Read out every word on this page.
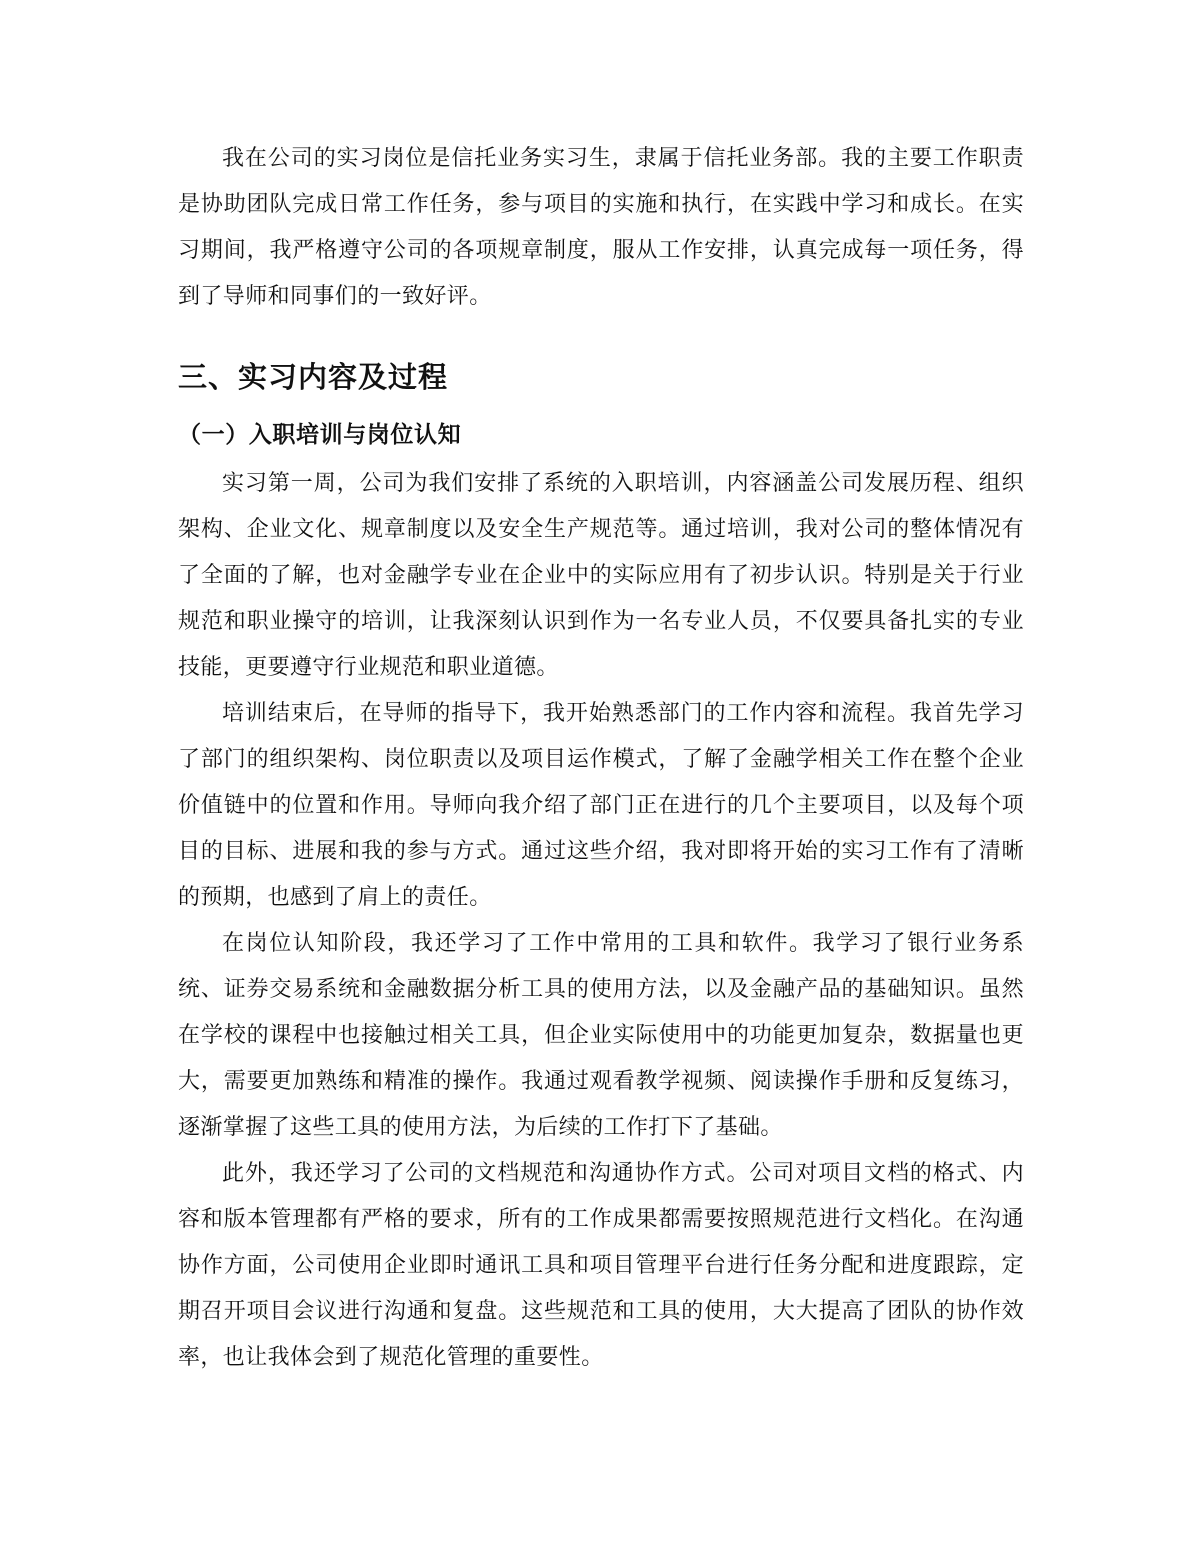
我在公司的实习岗位是信托业务实习生，隶属于信托业务部。我的主要工作职责是协助团队完成日常工作任务，参与项目的实施和执行，在实践中学习和成长。在实习期间，我严格遵守公司的各项规章制度，服从工作安排，认真完成每一项任务，得到了导师和同事们的一致好评。

三、实习内容及过程
（一）入职培训与岗位认知

实习第一周，公司为我们安排了系统的入职培训，内容涵盖公司发展历程、组织架构、企业文化、规章制度以及安全生产规范等。通过培训，我对公司的整体情况有了全面的了解，也对金融学专业在企业中的实际应用有了初步认识。特别是关于行业规范和职业操守的培训，让我深刻认识到作为一名专业人员，不仅要具备扎实的专业技能，更要遵守行业规范和职业道德。

培训结束后，在导师的指导下，我开始熟悉部门的工作内容和流程。我首先学习了部门的组织架构、岗位职责以及项目运作模式，了解了金融学相关工作在整个企业价值链中的位置和作用。导师向我介绍了部门正在进行的几个主要项目，以及每个项目的目标、进展和我的参与方式。通过这些介绍，我对即将开始的实习工作有了清晰的预期，也感到了肩上的责任。

在岗位认知阶段，我还学习了工作中常用的工具和软件。我学习了银行业务系统、证券交易系统和金融数据分析工具的使用方法，以及金融产品的基础知识。虽然在学校的课程中也接触过相关工具，但企业实际使用中的功能更加复杂，数据量也更大，需要更加熟练和精准的操作。我通过观看教学视频、阅读操作手册和反复练习，逐渐掌握了这些工具的使用方法，为后续的工作打下了基础。

此外，我还学习了公司的文档规范和沟通协作方式。公司对项目文档的格式、内容和版本管理都有严格的要求，所有的工作成果都需要按照规范进行文档化。在沟通协作方面，公司使用企业即时通讯工具和项目管理平台进行任务分配和进度跟踪，定期召开项目会议进行沟通和复盘。这些规范和工具的使用，大大提高了团队的协作效率，也让我体会到了规范化管理的重要性。
